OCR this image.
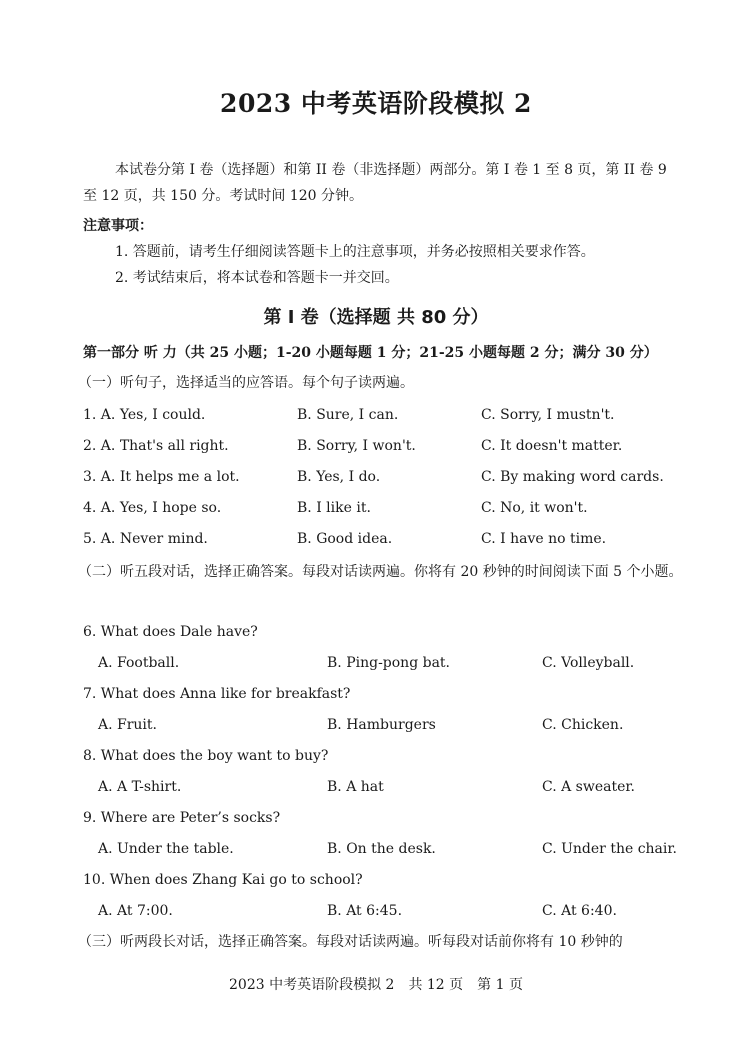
2023 中考英语阶段模拟 2
本试卷分第 I 卷（选择题）和第 II 卷（非选择题）两部分。第 I 卷 1 至 8 页，第 II 卷 9 至 12 页，共 150 分。考试时间 120 分钟。
注意事项：
1. 答题前，请考生仔细阅读答题卡上的注意事项，并务必按照相关要求作答。
2. 考试结束后，将本试卷和答题卡一并交回。
第 I 卷（选择题 共 80 分）
第一部分 听 力（共 25 小题；1-20 小题每题 1 分；21-25 小题每题 2 分；满分 30 分）
（一）听句子，选择适当的应答语。每个句子读两遍。
1. A. Yes, I could.	B. Sure, I can.	C. Sorry, I mustn't.
2. A. That's all right.	B. Sorry, I won't.	C. It doesn't matter.
3. A. It helps me a lot.	B. Yes, I do.	C. By making word cards.
4. A. Yes, I hope so.	B. I like it.	C. No, it won't.
5. A. Never mind.	B. Good idea.	C. I have no time.
（二）听五段对话，选择正确答案。每段对话读两遍。你将有 20 秒钟的时间阅读下面 5 个小题。
6. What does Dale have?
A. Football.	B. Ping-pong bat.	C. Volleyball.
7. What does Anna like for breakfast?
A. Fruit.	B. Hamburgers	C. Chicken.
8. What does the boy want to buy?
A. A T-shirt.	B. A hat	C. A sweater.
9. Where are Peter’s socks?
A. Under the table.	B. On the desk.	C. Under the chair.
10. When does Zhang Kai go to school?
A. At 7:00.	B. At 6:45.	C. At 6:40.
（三）听两段长对话，选择正确答案。每段对话读两遍。听每段对话前你将有 10 秒钟的
2023 中考英语阶段模拟 2　共 12 页　第 1 页
